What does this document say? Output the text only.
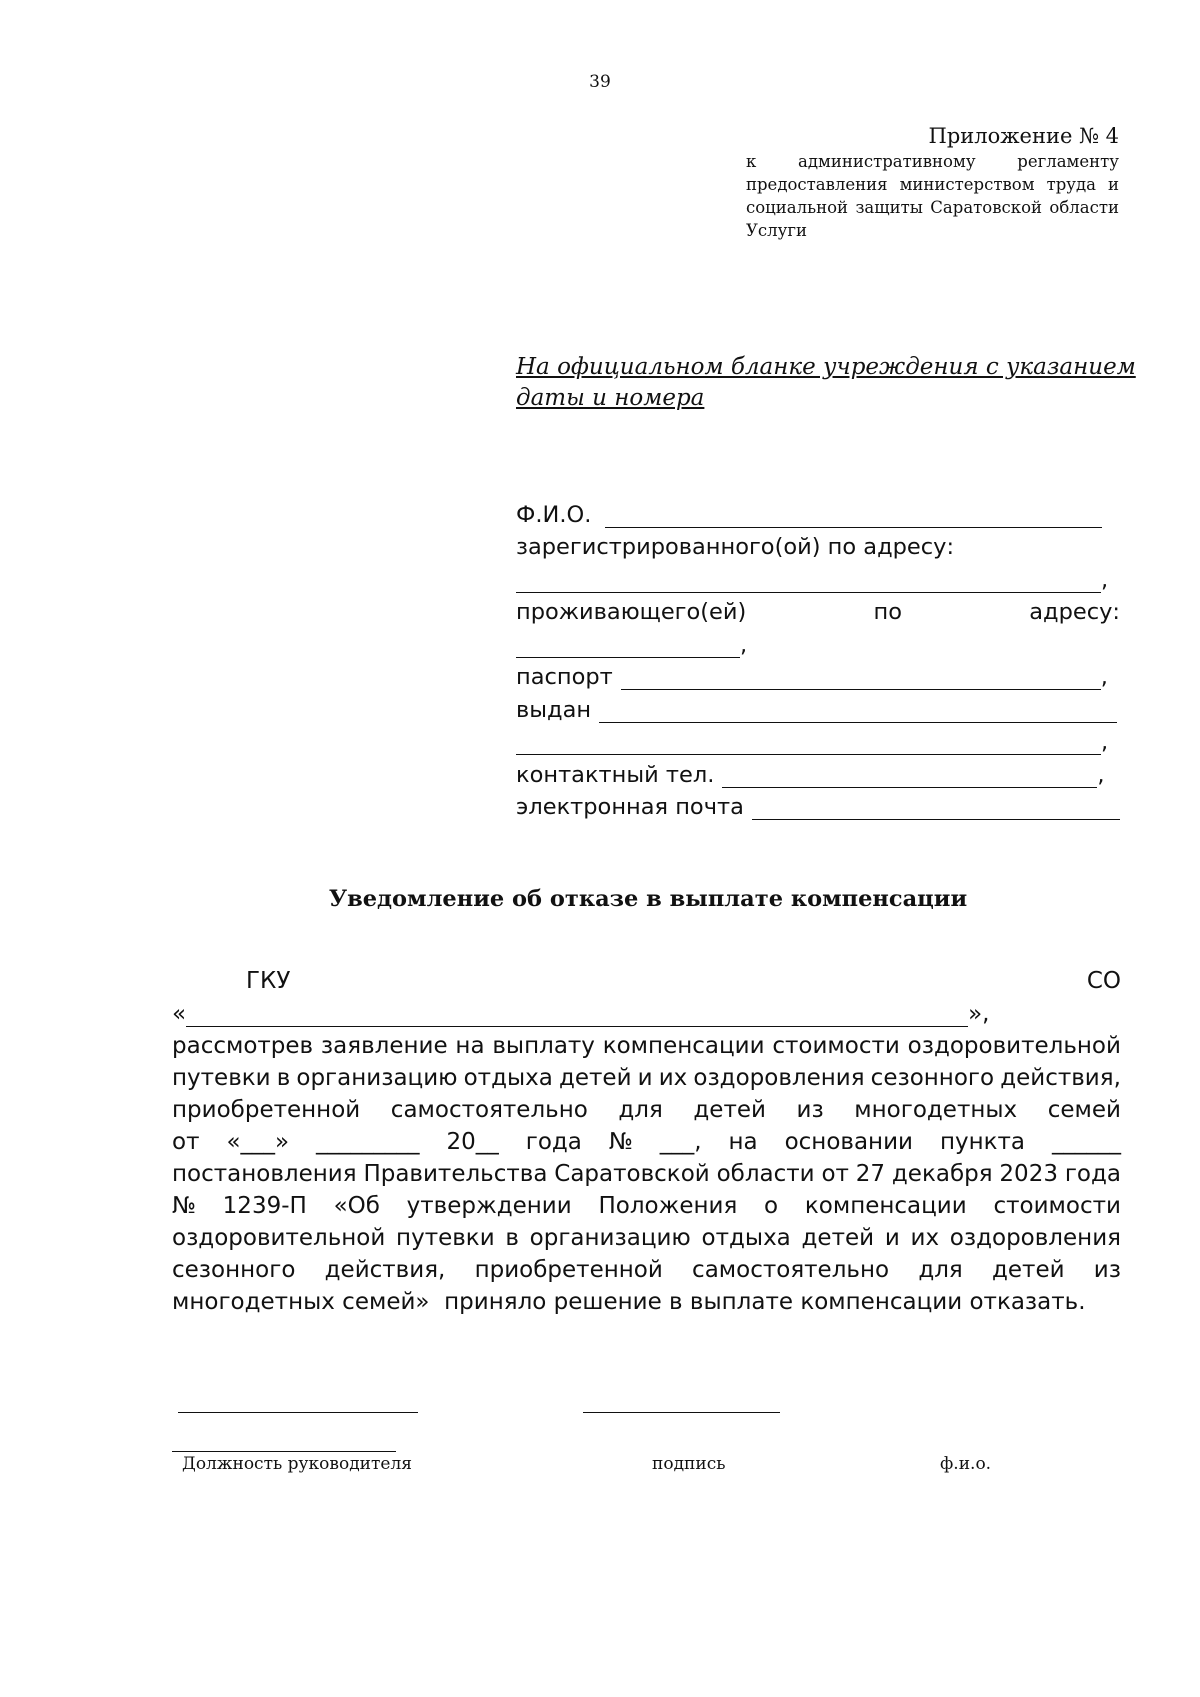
39
Приложение № 4
к	административному	регламенту
предоставления министерством труда и
социальной защиты Саратовской области
Услуги
На официальном бланке учреждения с указанием
даты и номера
Ф.И.О.
зарегистрированного(ой) по адресу:
,
проживающего(ей)	по	адресу:
,
паспорт	,
выдан
,
контактный тел.	,
электронная почта
Уведомление об отказе в выплате компенсации
ГКУ	СО
«	»,
рассмотрев заявление на выплату компенсации стоимости оздоровительной
путевки в организацию отдыха детей и их оздоровления сезонного действия,
приобретенной самостоятельно для детей из многодетных семей
от «___» _________ 20__ года № ___, на основании пункта ______
постановления Правительства Саратовской области от 27 декабря 2023 года
№ 1239-П «Об утверждении Положения о компенсации стоимости
оздоровительной путевки в организацию отдыха детей и их оздоровления
сезонного действия, приобретенной самостоятельно для детей из
многодетных семей»  приняло решение в выплате компенсации отказать.
Должность руководителя	подпись	ф.и.о.
